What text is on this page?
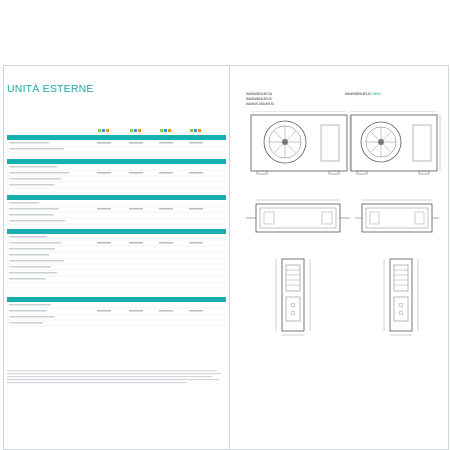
UNITÀ ESTERNE	5AMW82U4RJA
5AMW82U4RJC
5AMW105U4RJC
6AMW85U4RJC NEW
